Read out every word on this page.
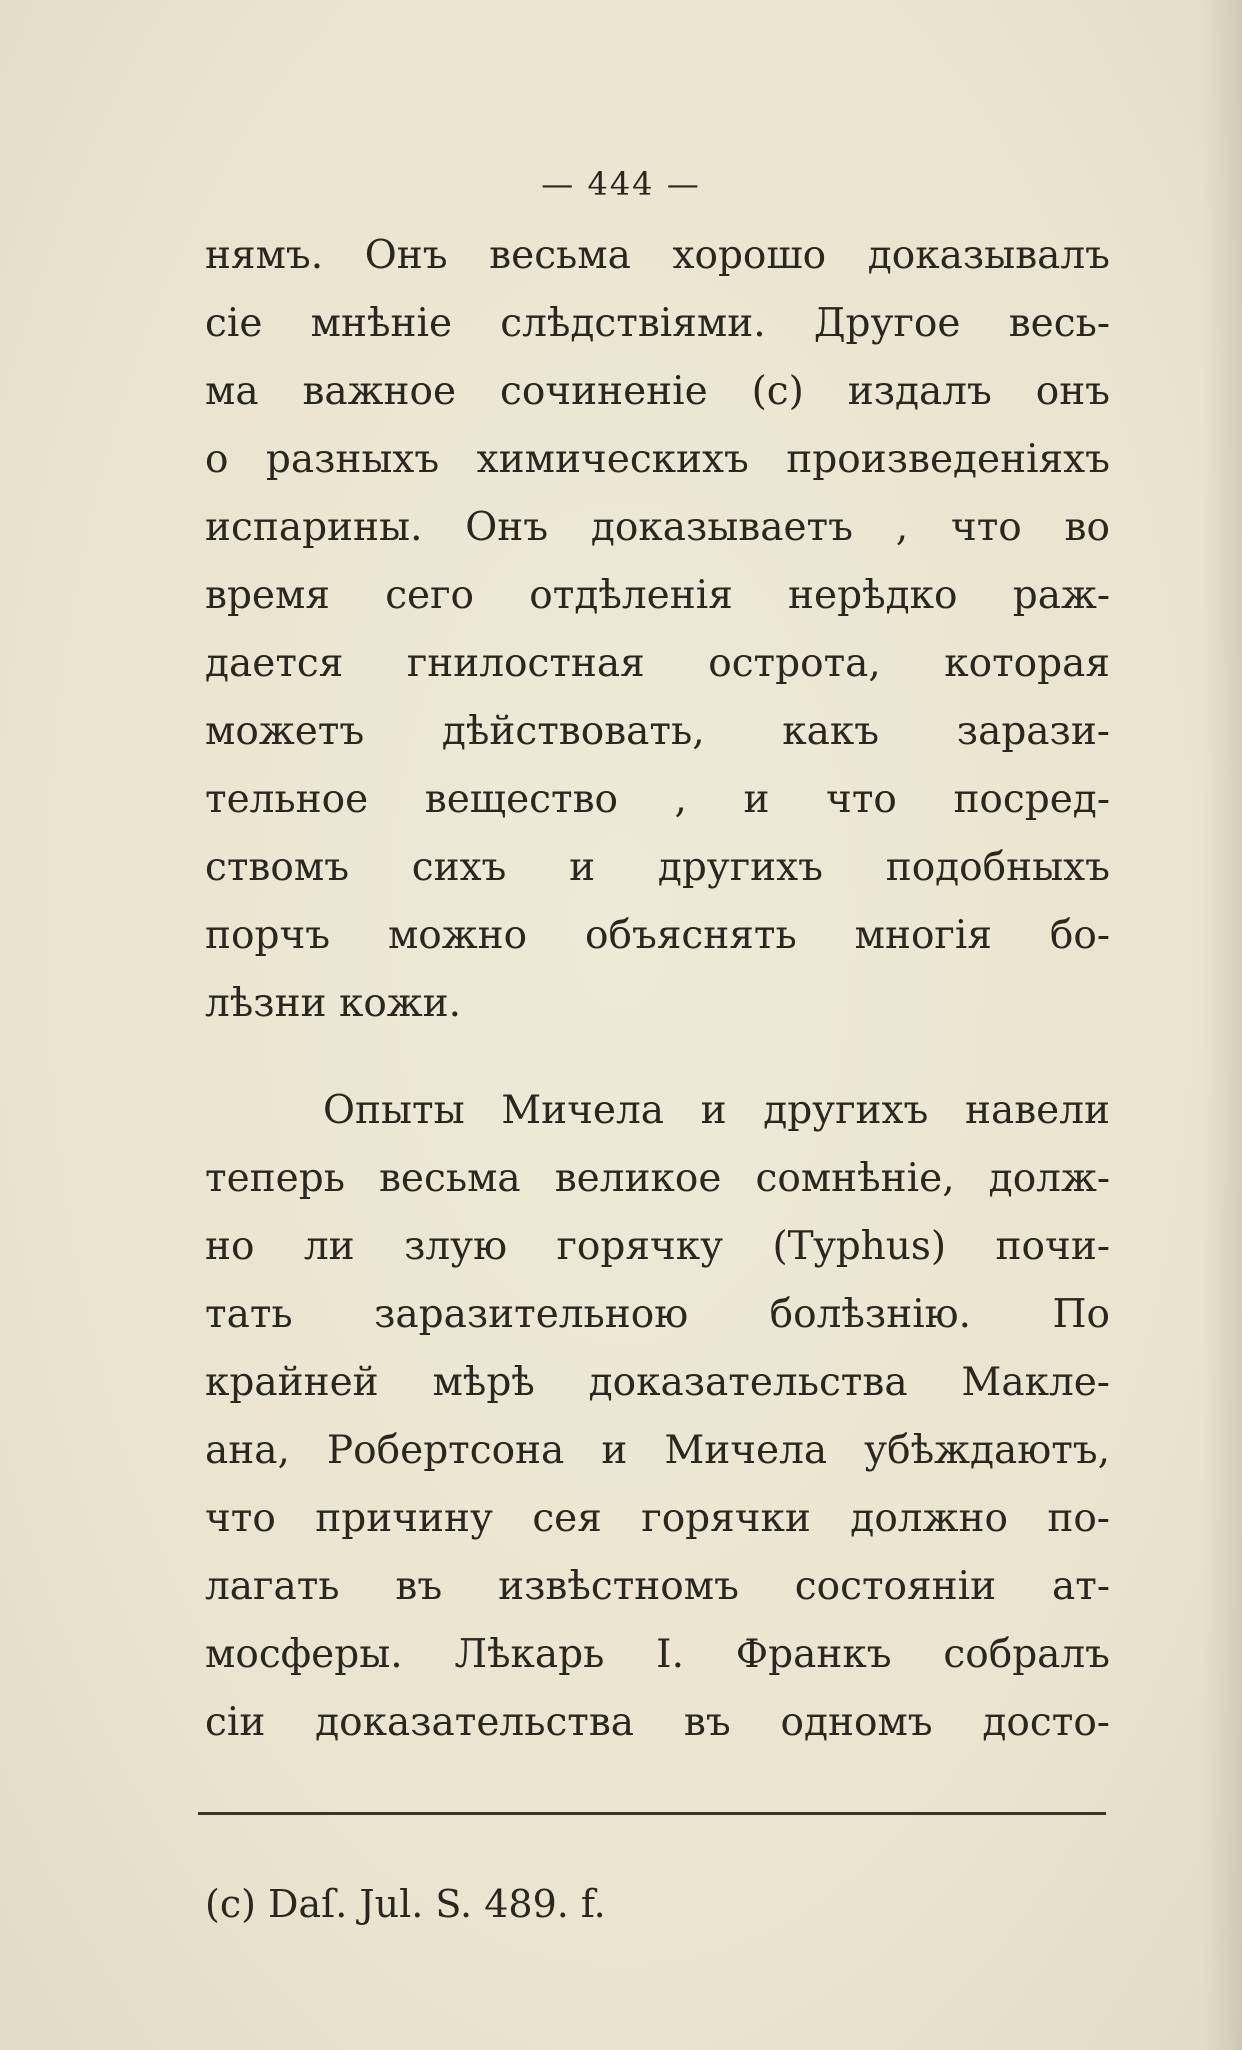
— 444 —
нямъ. Онъ весьма хорошо доказывалъ
сіе мнѣніе слѣдствіями. Другое весь-
ма важное сочиненіе (с) издалъ онъ
о разныхъ химическихъ произведеніяхъ
испарины. Онъ доказываетъ , что во
время сего отдѣленія нерѣдко раж-
дается гнилостная острота, которая
можетъ дѣйствовать, какъ зарази-
тельное вещество , и что посред-
ствомъ сихъ и другихъ подобныхъ
порчъ можно объяснять многія бо-
лѣзни кожи.
Опыты Мичела и другихъ навели
теперь весьма великое сомнѣніе, долж-
но ли злую горячку (Typhus) почи-
тать заразительною болѣзнію. По
крайней мѣрѣ доказательства Макле-
ана, Робертсона и Мичела убѣждаютъ,
что причину сея горячки должно по-
лагать въ извѣстномъ состояніи ат-
мосферы. Лѣкарь І. Франкъ собралъ
сіи доказательства въ одномъ досто-
(c) Daſ. Jul. S. 489. f.
